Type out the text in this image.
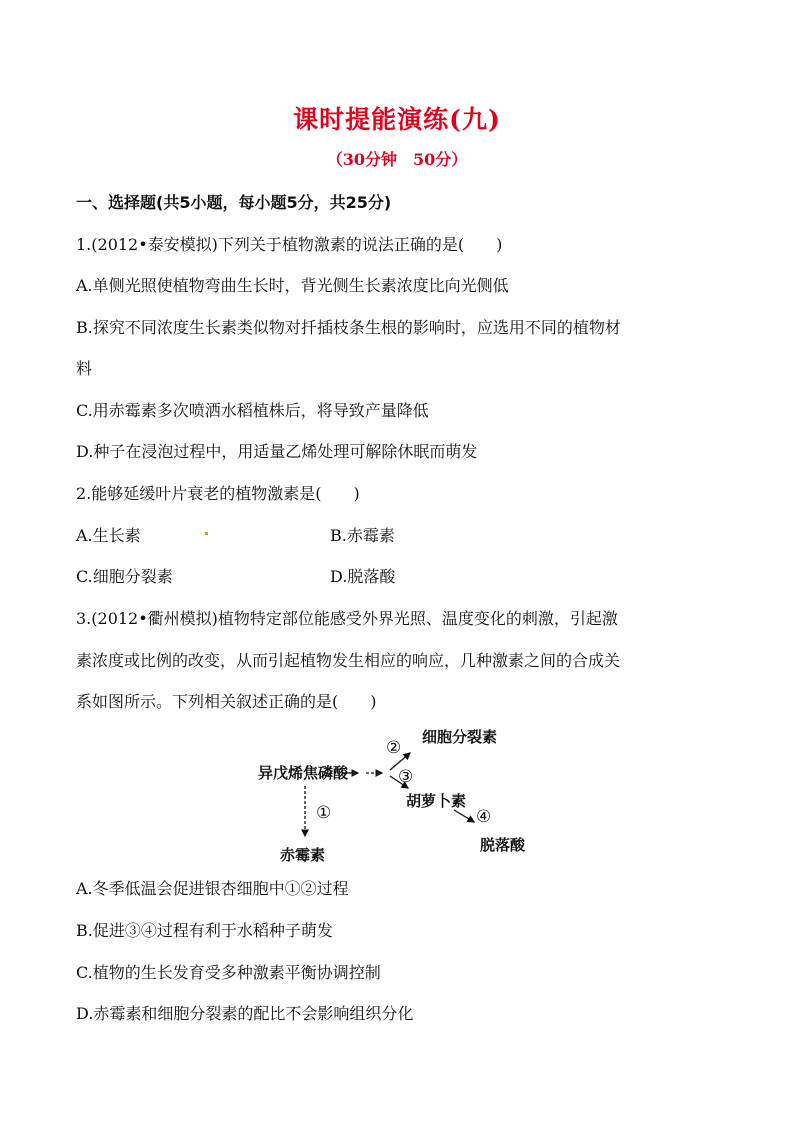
课时提能演练(九)
（30分钟　50分）
一、选择题(共5小题，每小题5分，共25分)
1.(2012•泰安模拟)下列关于植物激素的说法正确的是(　　)
A.单侧光照使植物弯曲生长时，背光侧生长素浓度比向光侧低
B.探究不同浓度生长素类似物对扦插枝条生根的影响时，应选用不同的植物材
料
C.用赤霉素多次喷洒水稻植株后，将导致产量降低
D.种子在浸泡过程中，用适量乙烯处理可解除休眠而萌发
2.能够延缓叶片衰老的植物激素是(　　)
A.生长素	B.赤霉素
C.细胞分裂素	D.脱落酸
3.(2012•衢州模拟)植物特定部位能感受外界光照、温度变化的刺激，引起激
素浓度或比例的改变，从而引起植物发生相应的响应，几种激素之间的合成关
系如图所示。下列相关叙述正确的是(　　)
异戊烯焦磷酸
②
③
细胞分裂素
胡萝卜素
④
脱落酸
①
赤霉素
A.冬季低温会促进银杏细胞中①②过程
B.促进③④过程有利于水稻种子萌发
C.植物的生长发育受多种激素平衡协调控制
D.赤霉素和细胞分裂素的配比不会影响组织分化
